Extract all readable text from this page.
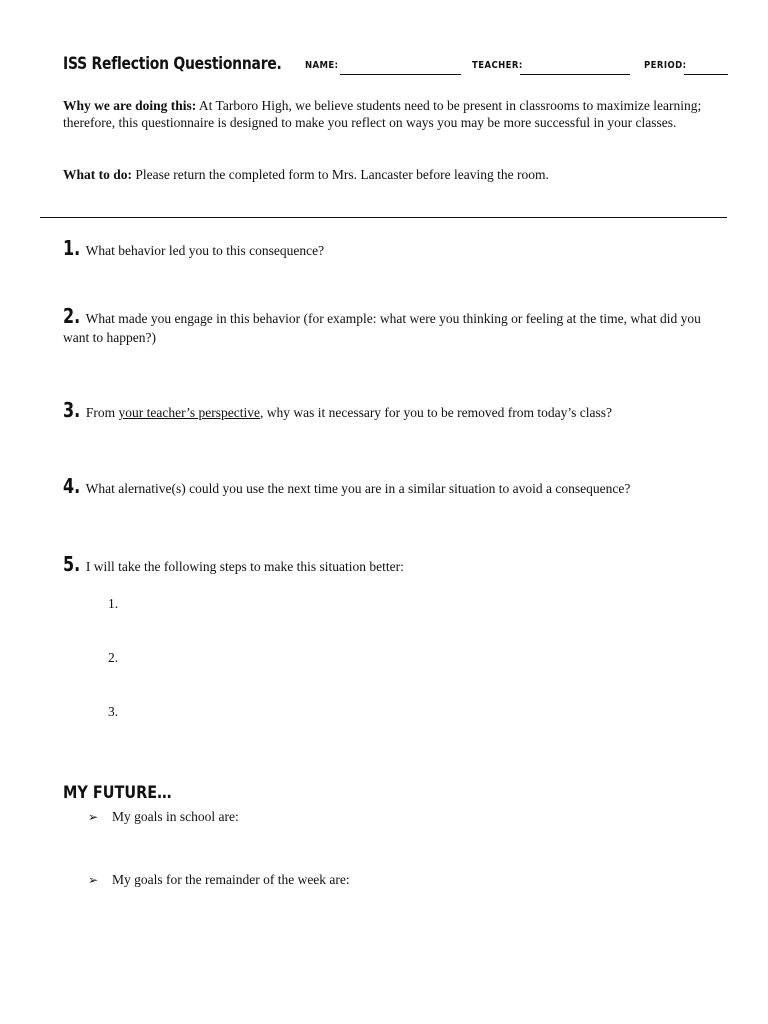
ISS Reflection Questionnare. NAME:	TEACHER:	PERIOD:
Why we are doing this: At Tarboro High, we believe students need to be present in classrooms to maximize learning; therefore, this questionnaire is designed to make you reflect on ways you may be more successful in your classes.
What to do: Please return the completed form to Mrs. Lancaster before leaving the room.
1. What behavior led you to this consequence?
2. What made you engage in this behavior (for example: what were you thinking or feeling at the time, what did you want to happen?)
3. From your teacher’s perspective, why was it necessary for you to be removed from today’s class?
4. What alernative(s) could you use the next time you are in a similar situation to avoid a consequence?
5. I will take the following steps to make this situation better:
1.
2.
3.
MY FUTURE…
➢ My goals in school are:
➢ My goals for the remainder of the week are:
